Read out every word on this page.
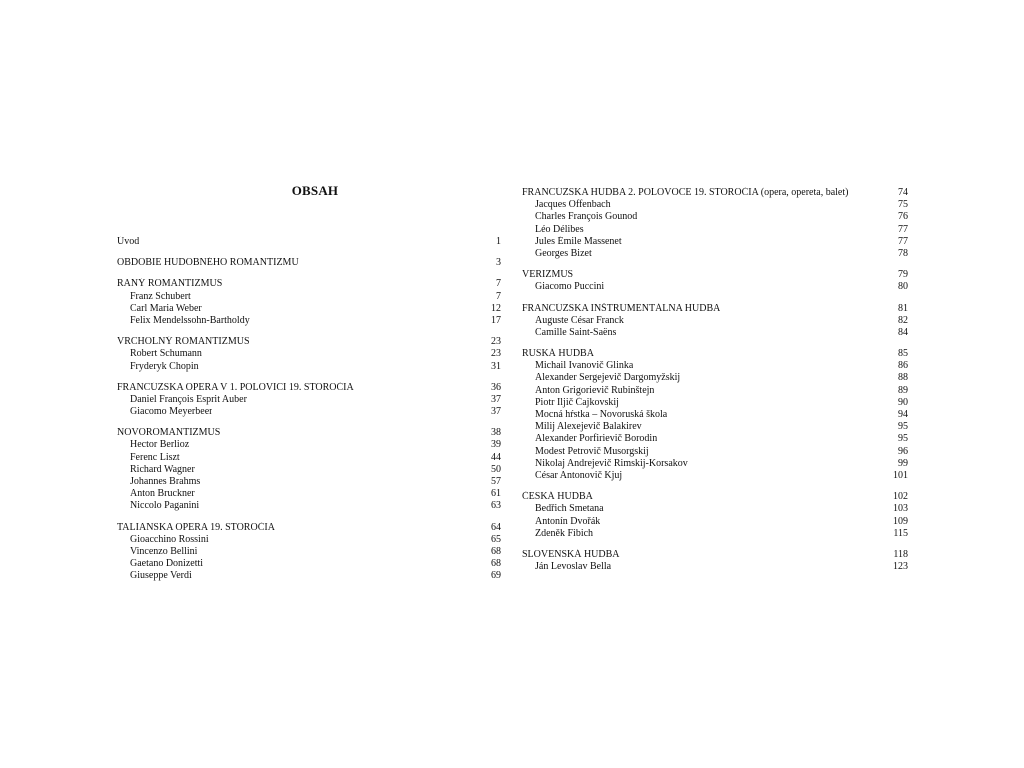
OBSAH
Úvod	1
OBDOBIE HUDOBNÉHO ROMANTIZMU	3
RANÝ ROMANTIZMUS	7
Franz Schubert	7
Carl Maria Weber	12
Felix Mendelssohn-Bartholdy	17
VRCHOLNÝ ROMANTIZMUS	23
Robert Schumann	23
Fryderyk Chopin	31
FRANCÚZSKA OPERA V 1. POLOVICI 19. STOROČIA	36
Daniel François Esprit Auber	37
Giacomo Meyerbeer	37
NOVOROMANTIZMUS	38
Hector Berlioz	39
Ferenc Liszt	44
Richard Wagner	50
Johannes Brahms	57
Anton Bruckner	61
Niccolo Paganini	63
TALIANSKA OPERA 19. STOROČIA	64
Gioacchino Rossini	65
Vincenzo Bellini	68
Gaetano Donizetti	68
Giuseppe Verdi	69
FRANCÚZSKA HUDBA 2. POLOVOCE 19. STOROČIA (opera, opereta, balet)	74
Jacques Offenbach	75
Charles François Gounod	76
Léo Délibes	77
Jules Émile Massenet	77
Georges Bizet	78
VERIZMUS	79
Giacomo Puccini	80
FRANCÚZSKA INŠTRUMENTÁLNA HUDBA	81
Auguste César Franck	82
Camille Saint-Saëns	84
RUSKÁ HUDBA	85
Michail Ivanovič Glinka	86
Alexander Sergejevič Dargomyžskij	88
Anton Grigorievič Rubinštejn	89
Piotr Iljič Čajkovskij	90
Mocná hŕstka – Novoruská škola	94
Milij Alexejevič Balakirev	95
Alexander Porfirievič Borodin	95
Modest Petrovič Musorgskij	96
Nikolaj Andrejevič Rimskij-Korsakov	99
César Antonovič Kjuj	101
ČESKÁ HUDBA	102
Bedřich Smetana	103
Antonín Dvořák	109
Zdeněk Fibich	115
SLOVENSKÁ HUDBA	118
Ján Levoslav Bella	123
